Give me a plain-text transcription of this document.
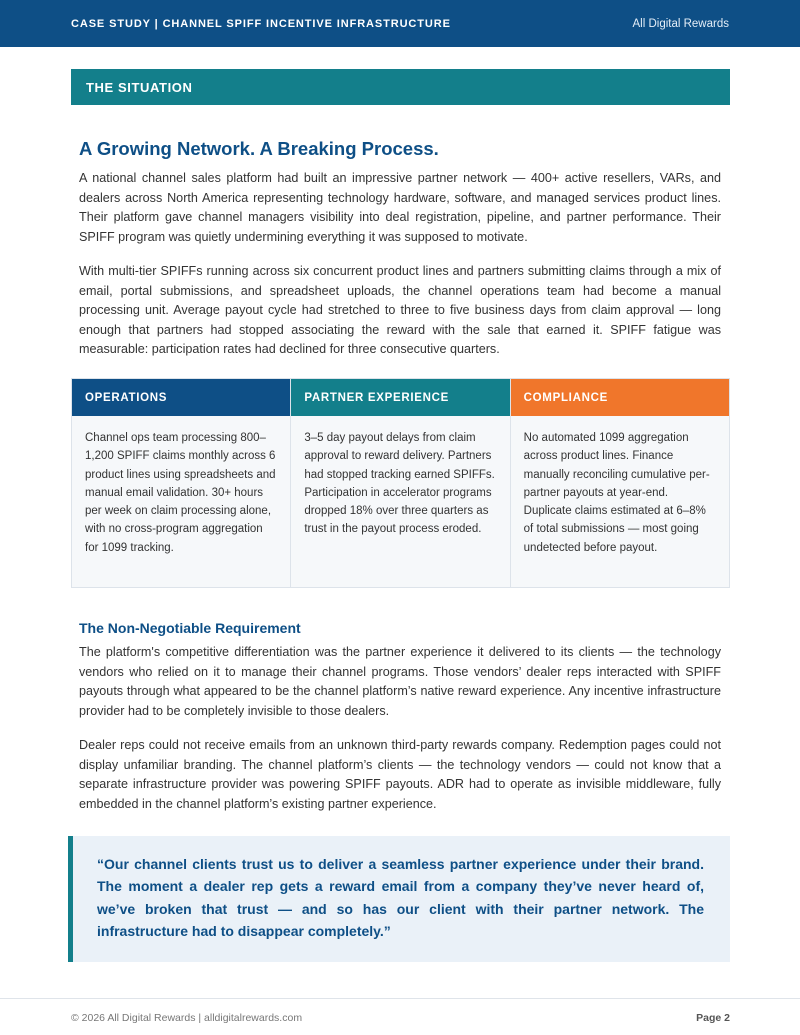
CASE STUDY | CHANNEL SPIFF INCENTIVE INFRASTRUCTURE	All Digital Rewards
THE SITUATION
A Growing Network. A Breaking Process.

A national channel sales platform had built an impressive partner network — 400+ active resellers, VARs, and dealers across North America representing technology hardware, software, and managed services product lines. Their platform gave channel managers visibility into deal registration, pipeline, and partner performance. Their SPIFF program was quietly undermining everything it was supposed to motivate.

With multi-tier SPIFFs running across six concurrent product lines and partners submitting claims through a mix of email, portal submissions, and spreadsheet uploads, the channel operations team had become a manual processing unit. Average payout cycle had stretched to three to five business days from claim approval — long enough that partners had stopped associating the reward with the sale that earned it. SPIFF fatigue was measurable: participation rates had declined for three consecutive quarters.

OPERATIONS
Channel ops team processing 800–1,200 SPIFF claims monthly across 6 product lines using spreadsheets and manual email validation. 30+ hours per week on claim processing alone, with no cross-program aggregation for 1099 tracking.
PARTNER EXPERIENCE
3–5 day payout delays from claim approval to reward delivery. Partners had stopped tracking earned SPIFFs. Participation in accelerator programs dropped 18% over three quarters as trust in the payout process eroded.
COMPLIANCE
No automated 1099 aggregation across product lines. Finance manually reconciling cumulative per-partner payouts at year-end. Duplicate claims estimated at 6–8% of total submissions — most going undetected before payout.
The Non-Negotiable Requirement

The platform's competitive differentiation was the partner experience it delivered to its clients — the technology vendors who relied on it to manage their channel programs. Those vendors’ dealer reps interacted with SPIFF payouts through what appeared to be the channel platform’s native reward experience. Any incentive infrastructure provider had to be completely invisible to those dealers.

Dealer reps could not receive emails from an unknown third-party rewards company. Redemption pages could not display unfamiliar branding. The channel platform’s clients — the technology vendors — could not know that a separate infrastructure provider was powering SPIFF payouts. ADR had to operate as invisible middleware, fully embedded in the channel platform’s existing partner experience.

“Our channel clients trust us to deliver a seamless partner experience under their brand. The moment a dealer rep gets a reward email from a company they’ve never heard of, we’ve broken that trust — and so has our client with their partner network. The infrastructure had to disappear completely.”

© 2026 All Digital Rewards | alldigitalrewards.com	Page 2
